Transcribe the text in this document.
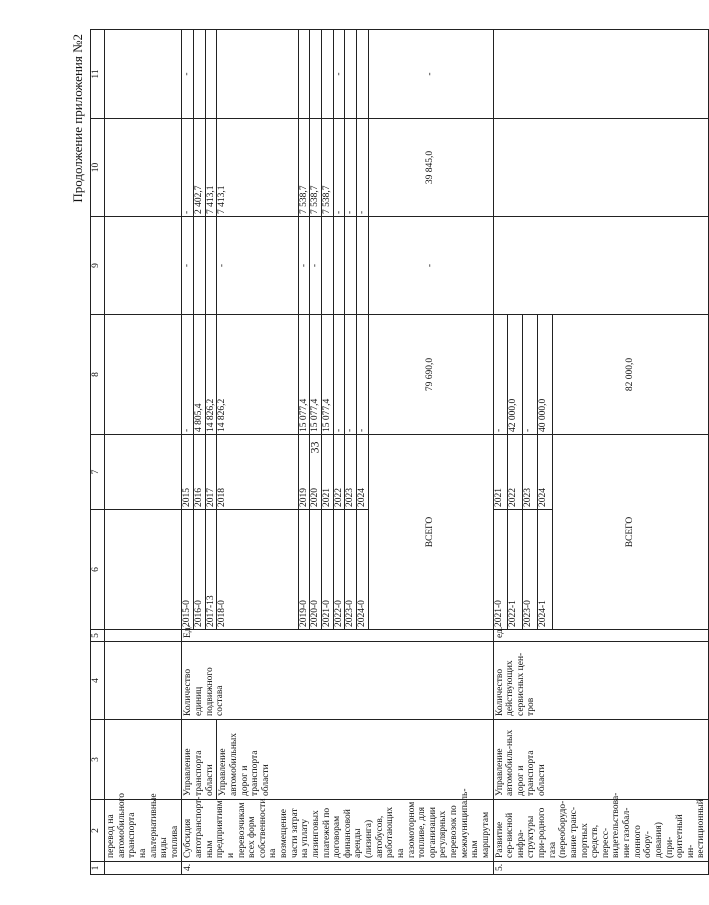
33
Продолжение приложения №2
1	2	3	4	5	6	7	8	9	10	11	
	перевод на автомобильного транспорта на альтернативные виды топлива										
4.	Субсидия автотранспорт-ным предприятиям и перевозчикам всех форм собственности на возмещение части затрат на уплату лизинговых платежей по договорам финансовой аренды (лизинга) автобусов, работающих на газомоторном топливе, для организации регулярных перевозок по межмуниципаль-ным маршрутам	Управление транспорта области	Количество единиц подвижного состава	Ед.	2015-0	2015	-	-	-	-	
					2016-0	2016	4 805,4		2 402,7		
					2017-13	2017	14 826,2		7 413,1		
		Управление автомобильных дорог и транспорта области			2018-0	2018	14 826,2	-	7 413,1		
					2019-0	2019	15 077,4	-	7 538,7		
					2020-0	2020	15 077,4	-	7 538,7		
					2021-0	2021	15 077,4		7 538,7		
					2022-0	2022	-		-	-	
					2023-0	2023	-		-		
					2024-0	2024	-		-		
					ВСЕГО		79 690,0	-	39 845,0	-	
5.	Развитие сер-висной инфра-структуры при-родного газа (переоборудо-вание транс-портных средств, пересс-видетельствова-ние газобал-лонного обору-дования) (при-оритетный ин-вестиционный	Управление автомобиль-ных дорог и транспорта области	Количество действующих сервисных цен-тров	ед.	2021-0	2021	-				
					2022-1	2022	42 000,0	
					2023-0	2023	-	
					2024-1	2024	40 000,0	
					ВСЕГО		82 000,0	
